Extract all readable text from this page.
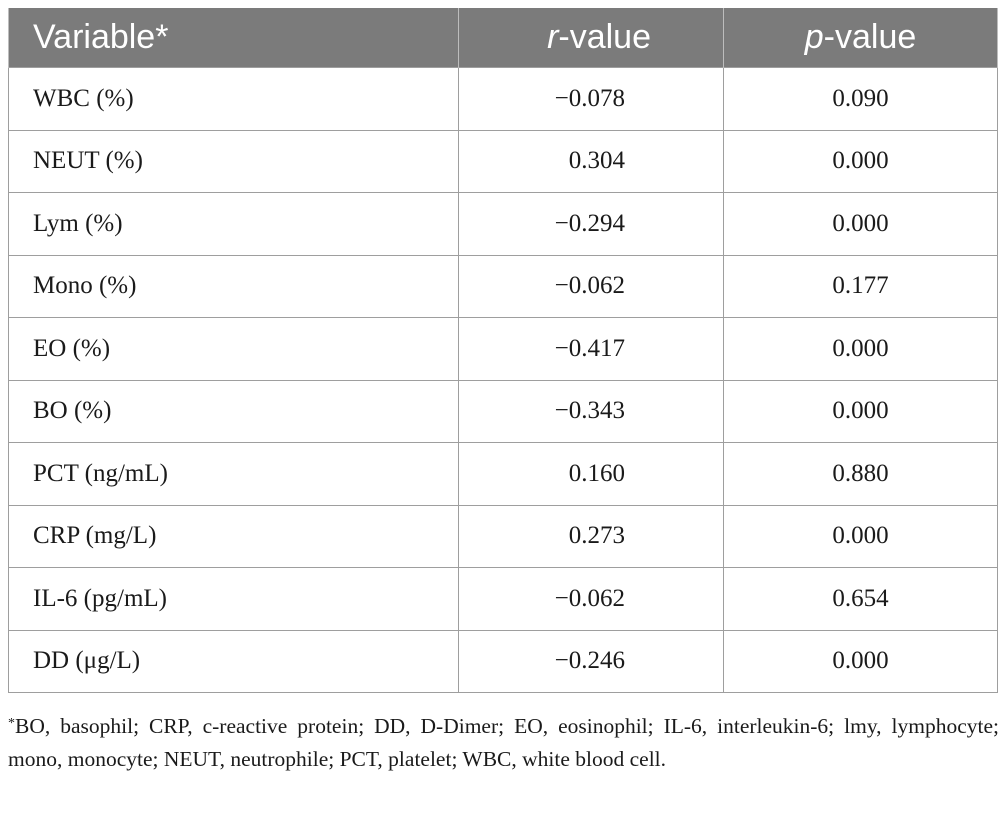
Variable*	r-value	p-value
WBC (%)	−0.078	0.090
NEUT (%)	0.304	0.000
Lym (%)	−0.294	0.000
Mono (%)	−0.062	0.177
EO (%)	−0.417	0.000
BO (%)	−0.343	0.000
PCT (ng/mL)	0.160	0.880
CRP (mg/L)	0.273	0.000
IL-6 (pg/mL)	−0.062	0.654
DD (μg/L)	−0.246	0.000
*BO, basophil; CRP, c-reactive protein; DD, D-Dimer; EO, eosinophil; IL-6, interleukin-6; lmy, lymphocyte; mono, monocyte; NEUT, neutrophile; PCT, platelet; WBC, white blood cell.
